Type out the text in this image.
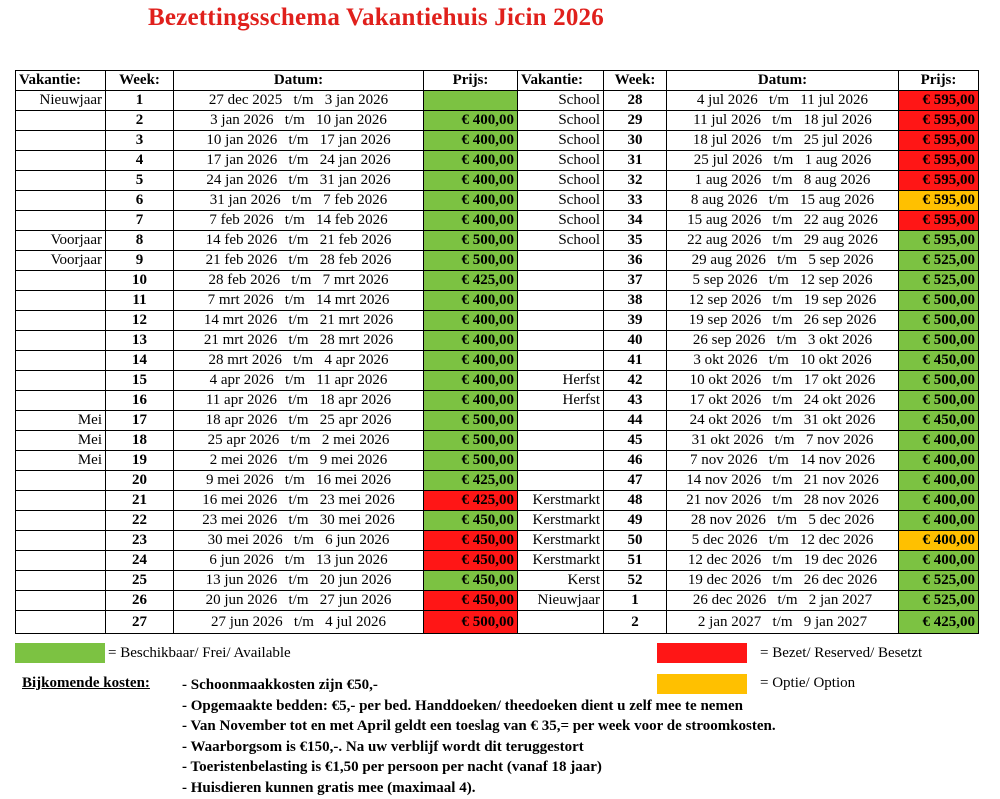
Bezettingsschema Vakantiehuis Jicin 2026
Vakantie:	Week:	Datum:	Prijs:	Vakantie:	Week:	Datum:	Prijs:
Nieuwjaar	1	27 dec 2025 t/m 3 jan 2026		School	28	4 jul 2026 t/m 11 jul 2026	€ 595,00
	2	3 jan 2026 t/m 10 jan 2026	€ 400,00	School	29	11 jul 2026 t/m 18 jul 2026	€ 595,00
	3	10 jan 2026 t/m 17 jan 2026	€ 400,00	School	30	18 jul 2026 t/m 25 jul 2026	€ 595,00
	4	17 jan 2026 t/m 24 jan 2026	€ 400,00	School	31	25 jul 2026 t/m 1 aug 2026	€ 595,00
	5	24 jan 2026 t/m 31 jan 2026	€ 400,00	School	32	1 aug 2026 t/m 8 aug 2026	€ 595,00
	6	31 jan 2026 t/m 7 feb 2026	€ 400,00	School	33	8 aug 2026 t/m 15 aug 2026	€ 595,00
	7	7 feb 2026 t/m 14 feb 2026	€ 400,00	School	34	15 aug 2026 t/m 22 aug 2026	€ 595,00
Voorjaar	8	14 feb 2026 t/m 21 feb 2026	€ 500,00	School	35	22 aug 2026 t/m 29 aug 2026	€ 595,00
Voorjaar	9	21 feb 2026 t/m 28 feb 2026	€ 500,00		36	29 aug 2026 t/m 5 sep 2026	€ 525,00
	10	28 feb 2026 t/m 7 mrt 2026	€ 425,00		37	5 sep 2026 t/m 12 sep 2026	€ 525,00
	11	7 mrt 2026 t/m 14 mrt 2026	€ 400,00		38	12 sep 2026 t/m 19 sep 2026	€ 500,00
	12	14 mrt 2026 t/m 21 mrt 2026	€ 400,00		39	19 sep 2026 t/m 26 sep 2026	€ 500,00
	13	21 mrt 2026 t/m 28 mrt 2026	€ 400,00		40	26 sep 2026 t/m 3 okt 2026	€ 500,00
	14	28 mrt 2026 t/m 4 apr 2026	€ 400,00		41	3 okt 2026 t/m 10 okt 2026	€ 450,00
	15	4 apr 2026 t/m 11 apr 2026	€ 400,00	Herfst	42	10 okt 2026 t/m 17 okt 2026	€ 500,00
	16	11 apr 2026 t/m 18 apr 2026	€ 400,00	Herfst	43	17 okt 2026 t/m 24 okt 2026	€ 500,00
Mei	17	18 apr 2026 t/m 25 apr 2026	€ 500,00		44	24 okt 2026 t/m 31 okt 2026	€ 450,00
Mei	18	25 apr 2026 t/m 2 mei 2026	€ 500,00		45	31 okt 2026 t/m 7 nov 2026	€ 400,00
Mei	19	2 mei 2026 t/m 9 mei 2026	€ 500,00		46	7 nov 2026 t/m 14 nov 2026	€ 400,00
	20	9 mei 2026 t/m 16 mei 2026	€ 425,00		47	14 nov 2026 t/m 21 nov 2026	€ 400,00
	21	16 mei 2026 t/m 23 mei 2026	€ 425,00	Kerstmarkt	48	21 nov 2026 t/m 28 nov 2026	€ 400,00
	22	23 mei 2026 t/m 30 mei 2026	€ 450,00	Kerstmarkt	49	28 nov 2026 t/m 5 dec 2026	€ 400,00
	23	30 mei 2026 t/m 6 jun 2026	€ 450,00	Kerstmarkt	50	5 dec 2026 t/m 12 dec 2026	€ 400,00
	24	6 jun 2026 t/m 13 jun 2026	€ 450,00	Kerstmarkt	51	12 dec 2026 t/m 19 dec 2026	€ 400,00
	25	13 jun 2026 t/m 20 jun 2026	€ 450,00	Kerst	52	19 dec 2026 t/m 26 dec 2026	€ 525,00
	26	20 jun 2026 t/m 27 jun 2026	€ 450,00	Nieuwjaar	1	26 dec 2026 t/m 2 jan 2027	€ 525,00
	27	27 jun 2026 t/m 4 jul 2026	€ 500,00		2	2 jan 2027 t/m 9 jan 2027	€ 425,00
= Beschikbaar/ Frei/ Available	= Bezet/ Reserved/ Besetzt
= Optie/ Option
Bijkomende kosten: - Schoonmaakkosten zijn €50,-
- Opgemaakte bedden: €5,- per bed. Handdoeken/ theedoeken dient u zelf mee te nemen
- Van November tot en met April geldt een toeslag van € 35,= per week voor de stroomkosten.
- Waarborgsom is €150,-. Na uw verblijf wordt dit teruggestort
- Toeristenbelasting is €1,50 per persoon per nacht (vanaf 18 jaar)
- Huisdieren kunnen gratis mee (maximaal 4).
